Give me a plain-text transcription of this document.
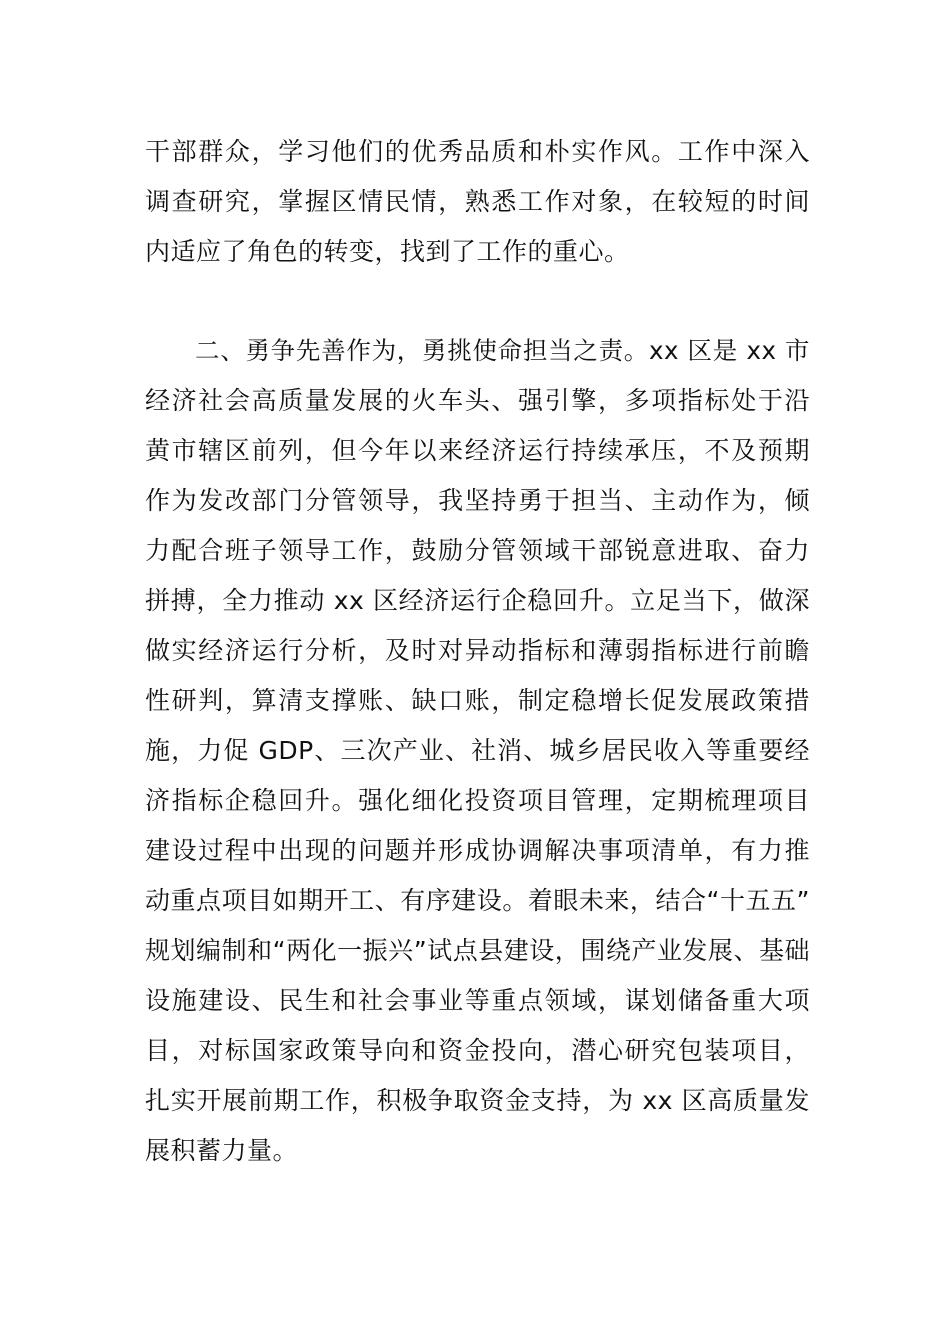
干部群众，学习他们的优秀品质和朴实作风。工作中深入
调查研究，掌握区情民情，熟悉工作对象，在较短的时间
内适应了角色的转变，找到了工作的重心。
二、勇争先善作为，勇挑使命担当之责。xx 区是 xx 市
经济社会高质量发展的火车头、强引擎，多项指标处于沿
黄市辖区前列，但今年以来经济运行持续承压，不及预期
作为发改部门分管领导，我坚持勇于担当、主动作为，倾
力配合班子领导工作，鼓励分管领域干部锐意进取、奋力
拼搏，全力推动 xx 区经济运行企稳回升。立足当下，做深
做实经济运行分析，及时对异动指标和薄弱指标进行前瞻
性研判，算清支撑账、缺口账，制定稳增长促发展政策措
施，力促 GDP、三次产业、社消、城乡居民收入等重要经
济指标企稳回升。强化细化投资项目管理，定期梳理项目
建设过程中出现的问题并形成协调解决事项清单，有力推
动重点项目如期开工、有序建设。着眼未来，结合“十五五”
规划编制和“两化一振兴”试点县建设，围绕产业发展、基础
设施建设、民生和社会事业等重点领域，谋划储备重大项
目，对标国家政策导向和资金投向，潜心研究包装项目，
扎实开展前期工作，积极争取资金支持，为 xx 区高质量发
展积蓄力量。
